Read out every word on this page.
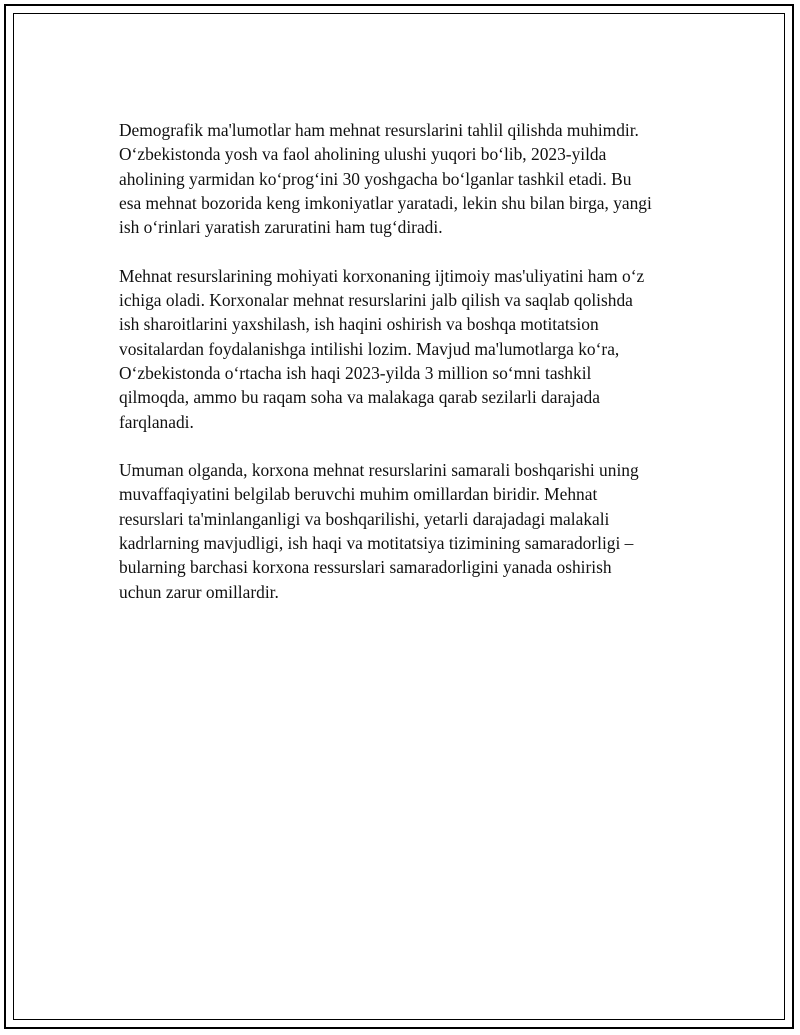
Demografik ma'lumotlar ham mehnat resurslarini tahlil qilishda muhimdir.
O‘zbekistonda yosh va faol aholining ulushi yuqori bo‘lib, 2023-yilda
aholining yarmidan ko‘prog‘ini 30 yoshgacha bo‘lganlar tashkil etadi. Bu
esa mehnat bozorida keng imkoniyatlar yaratadi, lekin shu bilan birga, yangi
ish o‘rinlari yaratish zaruratini ham tug‘diradi.

Mehnat resurslarining mohiyati korxonaning ijtimoiy mas'uliyatini ham o‘z
ichiga oladi. Korxonalar mehnat resurslarini jalb qilish va saqlab qolishda
ish sharoitlarini yaxshilash, ish haqini oshirish va boshqa motitatsion
vositalardan foydalanishga intilishi lozim. Mavjud ma'lumotlarga ko‘ra,
O‘zbekistonda o‘rtacha ish haqi 2023-yilda 3 million so‘mni tashkil
qilmoqda, ammo bu raqam soha va malakaga qarab sezilarli darajada
farqlanadi.

Umuman olganda, korxona mehnat resurslarini samarali boshqarishi uning
muvaffaqiyatini belgilab beruvchi muhim omillardan biridir. Mehnat
resurslari ta'minlanganligi va boshqarilishi, yetarli darajadagi malakali
kadrlarning mavjudligi, ish haqi va motitatsiya tizimining samaradorligi –
bularning barchasi korxona ressurslari samaradorligini yanada oshirish
uchun zarur omillardir.
